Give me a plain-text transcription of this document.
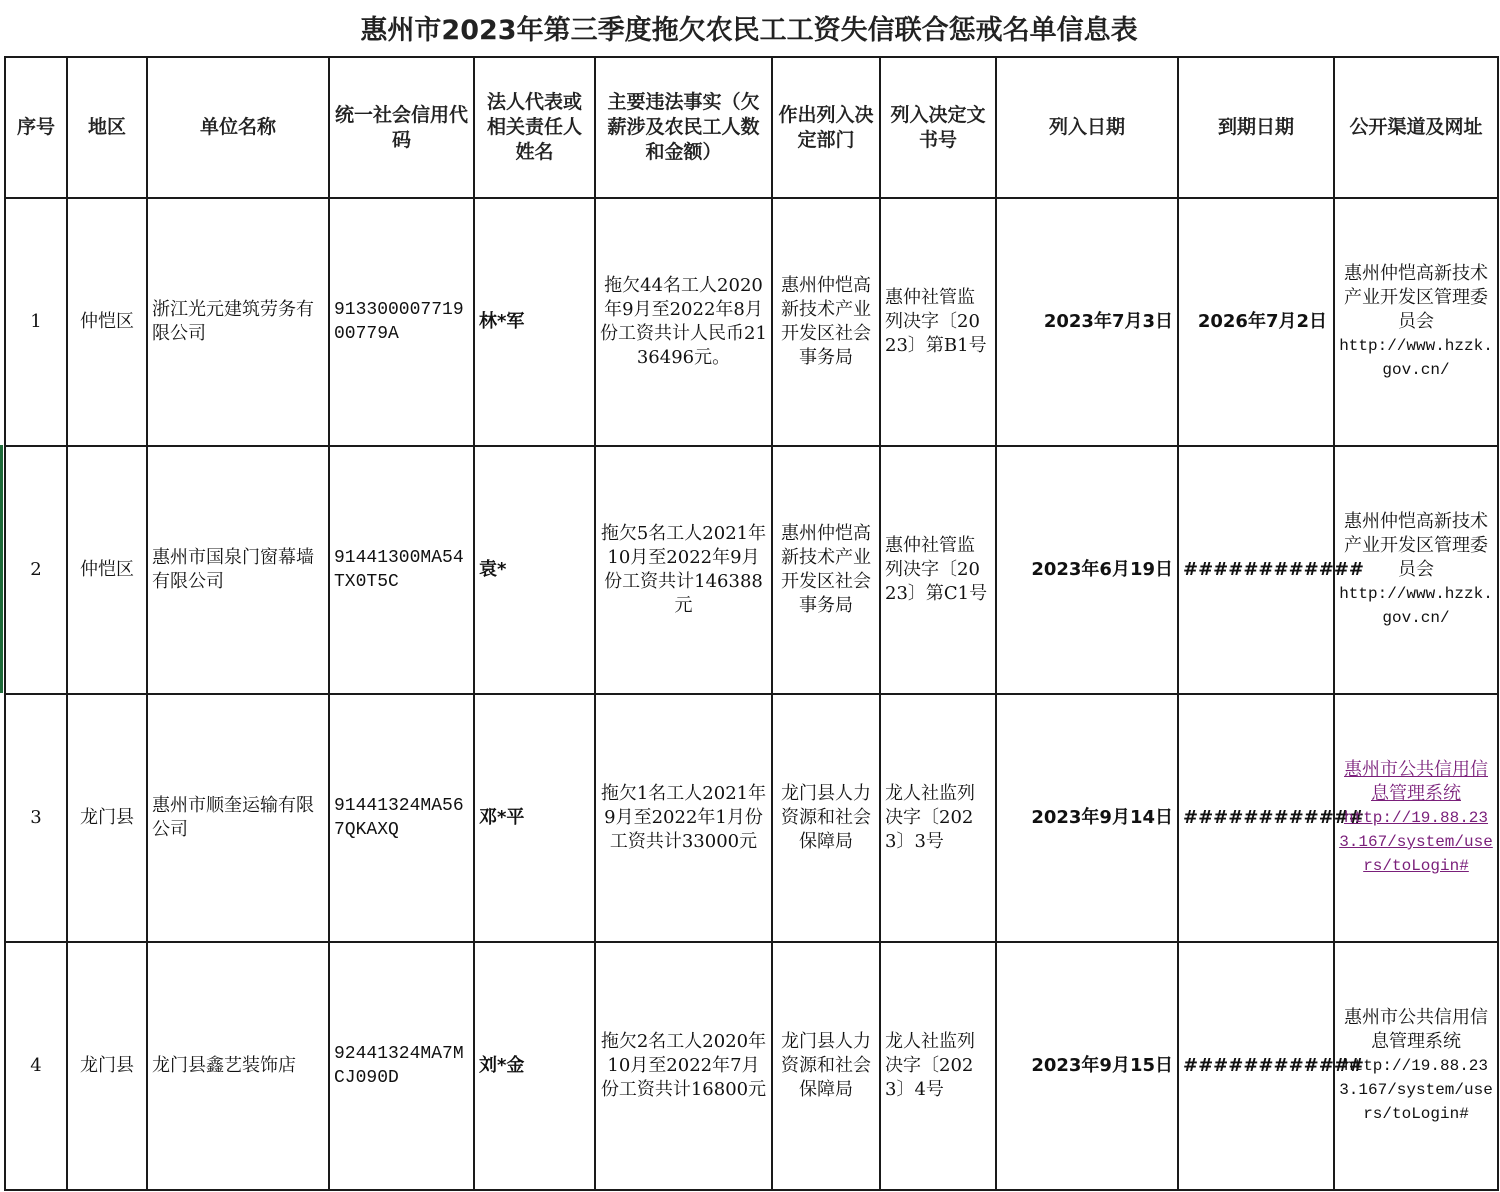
惠州市2023年第三季度拖欠农民工工资失信联合惩戒名单信息表
序号	地区	单位名称	统一社会信用代码	法人代表或相关责任人姓名	主要违法事实（欠薪涉及农民工人数和金额）	作出列入决定部门	列入决定文书号	列入日期	到期日期	公开渠道及网址
1	仲恺区	浙江光元建筑劳务有限公司	91330000771900779A	林*军	拖欠44名工人2020年9月至2022年8月份工资共计人民币2136496元。	惠州仲恺高新技术产业开发区社会事务局	惠仲社管监列决字〔2023〕第B1号	2023年7月3日	2026年7月2日	惠州仲恺高新技术产业开发区管理委员会
http://www.hzzk.gov.cn/

2	仲恺区	惠州市国泉门窗幕墙有限公司	91441300MA54TX0T5C	袁*	拖欠5名工人2021年10月至2022年9月份工资共计146388元	惠州仲恺高新技术产业开发区社会事务局	惠仲社管监列决字〔2023〕第C1号	2023年6月19日	############	惠州仲恺高新技术产业开发区管理委员会
http://www.hzzk.gov.cn/

3	龙门县	惠州市顺奎运输有限公司	91441324MA567QKAXQ	邓*平	拖欠1名工人2021年9月至2022年1月份工资共计33000元	龙门县人力资源和社会保障局	龙人社监列决字〔2023〕3号	2023年9月14日	############	惠州市公共信用信息管理系统
http://19.88.233.167/system/users/toLogin#

4	龙门县	龙门县鑫艺装饰店	92441324MA7MCJ090D	刘*金	拖欠2名工人2020年10月至2022年7月份工资共计16800元	龙门县人力资源和社会保障局	龙人社监列决字〔2023〕4号	2023年9月15日	############	惠州市公共信用信息管理系统
http://19.88.233.167/system/users/toLogin#
